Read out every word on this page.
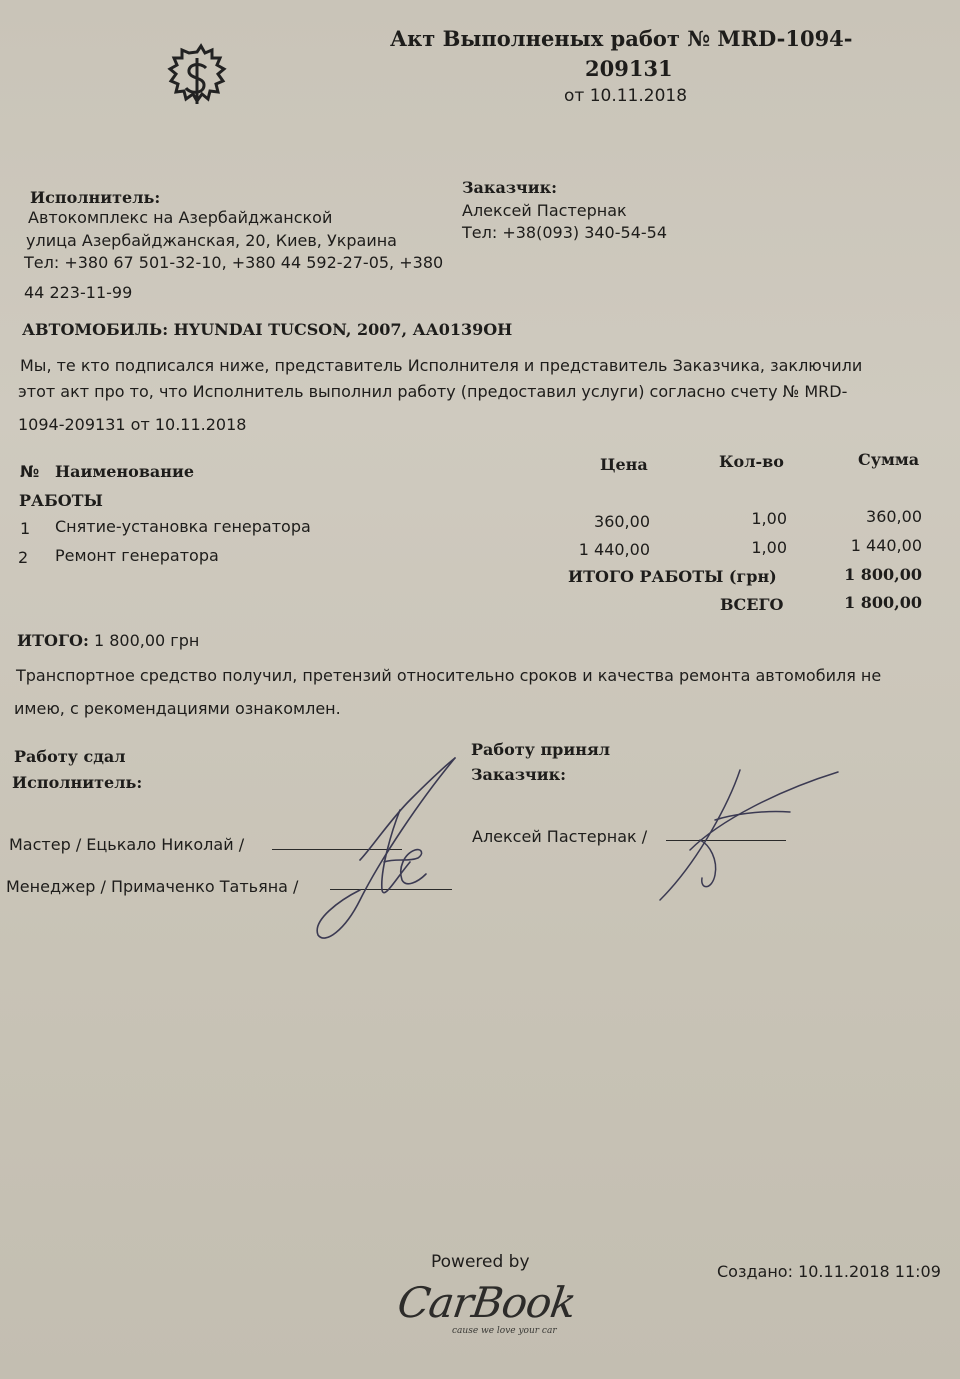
Акт Выполненых работ № MRD-1094-
209131
от 10.11.2018
Исполнитель:
Автокомплекс на Азербайджанской
улица Азербайджанская, 20, Киев, Украина
Тел: +380 67 501-32-10, +380 44 592-27-05, +380
44 223-11-99
Заказчик:
Алексей Пастернак
Тел: +38(093) 340-54-54
АВТОМОБИЛЬ: HYUNDAI TUCSON, 2007, АА0139ОН
Мы, те кто подписался ниже, представитель Исполнителя и представитель Заказчика, заключили
этот акт про то, что Исполнитель выполнил работу (предоставил услуги) согласно счету № MRD-
1094-209131 от 10.11.2018
№ Наименование	Цена	Кол-во	Сумма
РАБОТЫ
1 Снятие-установка генератора	360,00	1,00	360,00
2 Ремонт генератора	1 440,00	1,00	1 440,00
ИТОГО РАБОТЫ (грн)	1 800,00
ВСЕГО	1 800,00
ИТОГО: 1 800,00 грн
Транспортное средство получил, претензий относительно сроков и качества ремонта автомобиля не
имею, с рекомендациями ознакомлен.
Работу сдал
Исполнитель:
Мастер / Ецькало Николай /
Менеджер / Примаченко Татьяна /
Работу принял
Заказчик:
Алексей Пастернак /
Powered by
CarBook
cause we love your car
Создано: 10.11.2018 11:09
